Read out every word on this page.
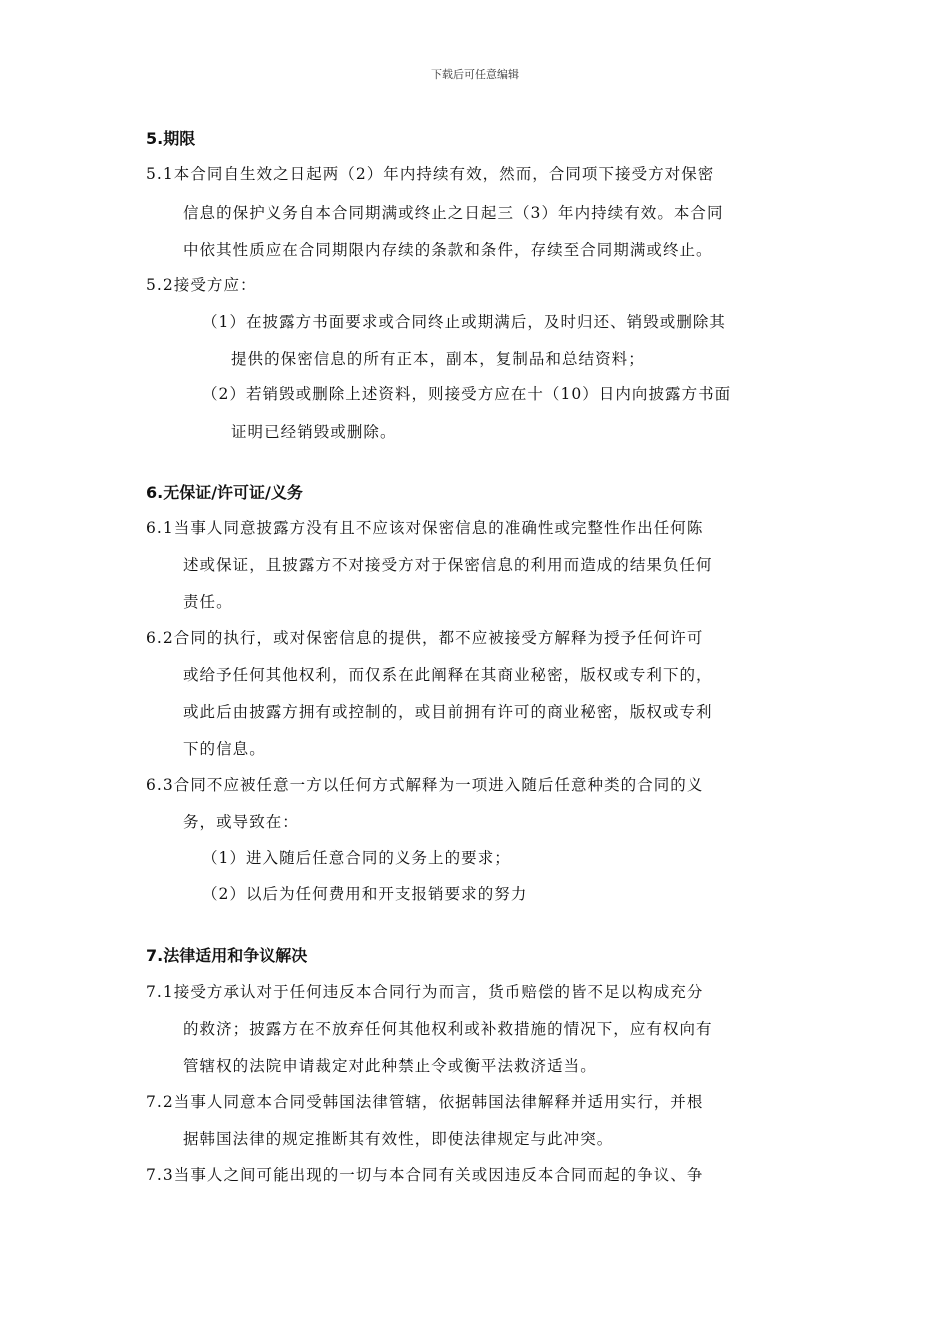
下载后可任意编辑
5.期限
5.1本合同自生效之日起两（2）年内持续有效，然而，合同项下接受方对保密
信息的保护义务自本合同期满或终止之日起三（3）年内持续有效。本合同
中依其性质应在合同期限内存续的条款和条件，存续至合同期满或终止。
5.2接受方应：
（1）在披露方书面要求或合同终止或期满后，及时归还、销毁或删除其
提供的保密信息的所有正本，副本，复制品和总结资料；
（2）若销毁或删除上述资料，则接受方应在十（10）日内向披露方书面
证明已经销毁或删除。
6.无保证/许可证/义务
6.1当事人同意披露方没有且不应该对保密信息的准确性或完整性作出任何陈
述或保证，且披露方不对接受方对于保密信息的利用而造成的结果负任何
责任。
6.2合同的执行，或对保密信息的提供，都不应被接受方解释为授予任何许可
或给予任何其他权利，而仅系在此阐释在其商业秘密，版权或专利下的，
或此后由披露方拥有或控制的，或目前拥有许可的商业秘密，版权或专利
下的信息。
6.3合同不应被任意一方以任何方式解释为一项进入随后任意种类的合同的义
务，或导致在：
（1）进入随后任意合同的义务上的要求；
（2）以后为任何费用和开支报销要求的努力
7.法律适用和争议解决
7.1接受方承认对于任何违反本合同行为而言，货币赔偿的皆不足以构成充分
的救济；披露方在不放弃任何其他权利或补救措施的情况下，应有权向有
管辖权的法院申请裁定对此种禁止令或衡平法救济适当。
7.2当事人同意本合同受韩国法律管辖，依据韩国法律解释并适用实行，并根
据韩国法律的规定推断其有效性，即使法律规定与此冲突。
7.3当事人之间可能出现的一切与本合同有关或因违反本合同而起的争议、争
